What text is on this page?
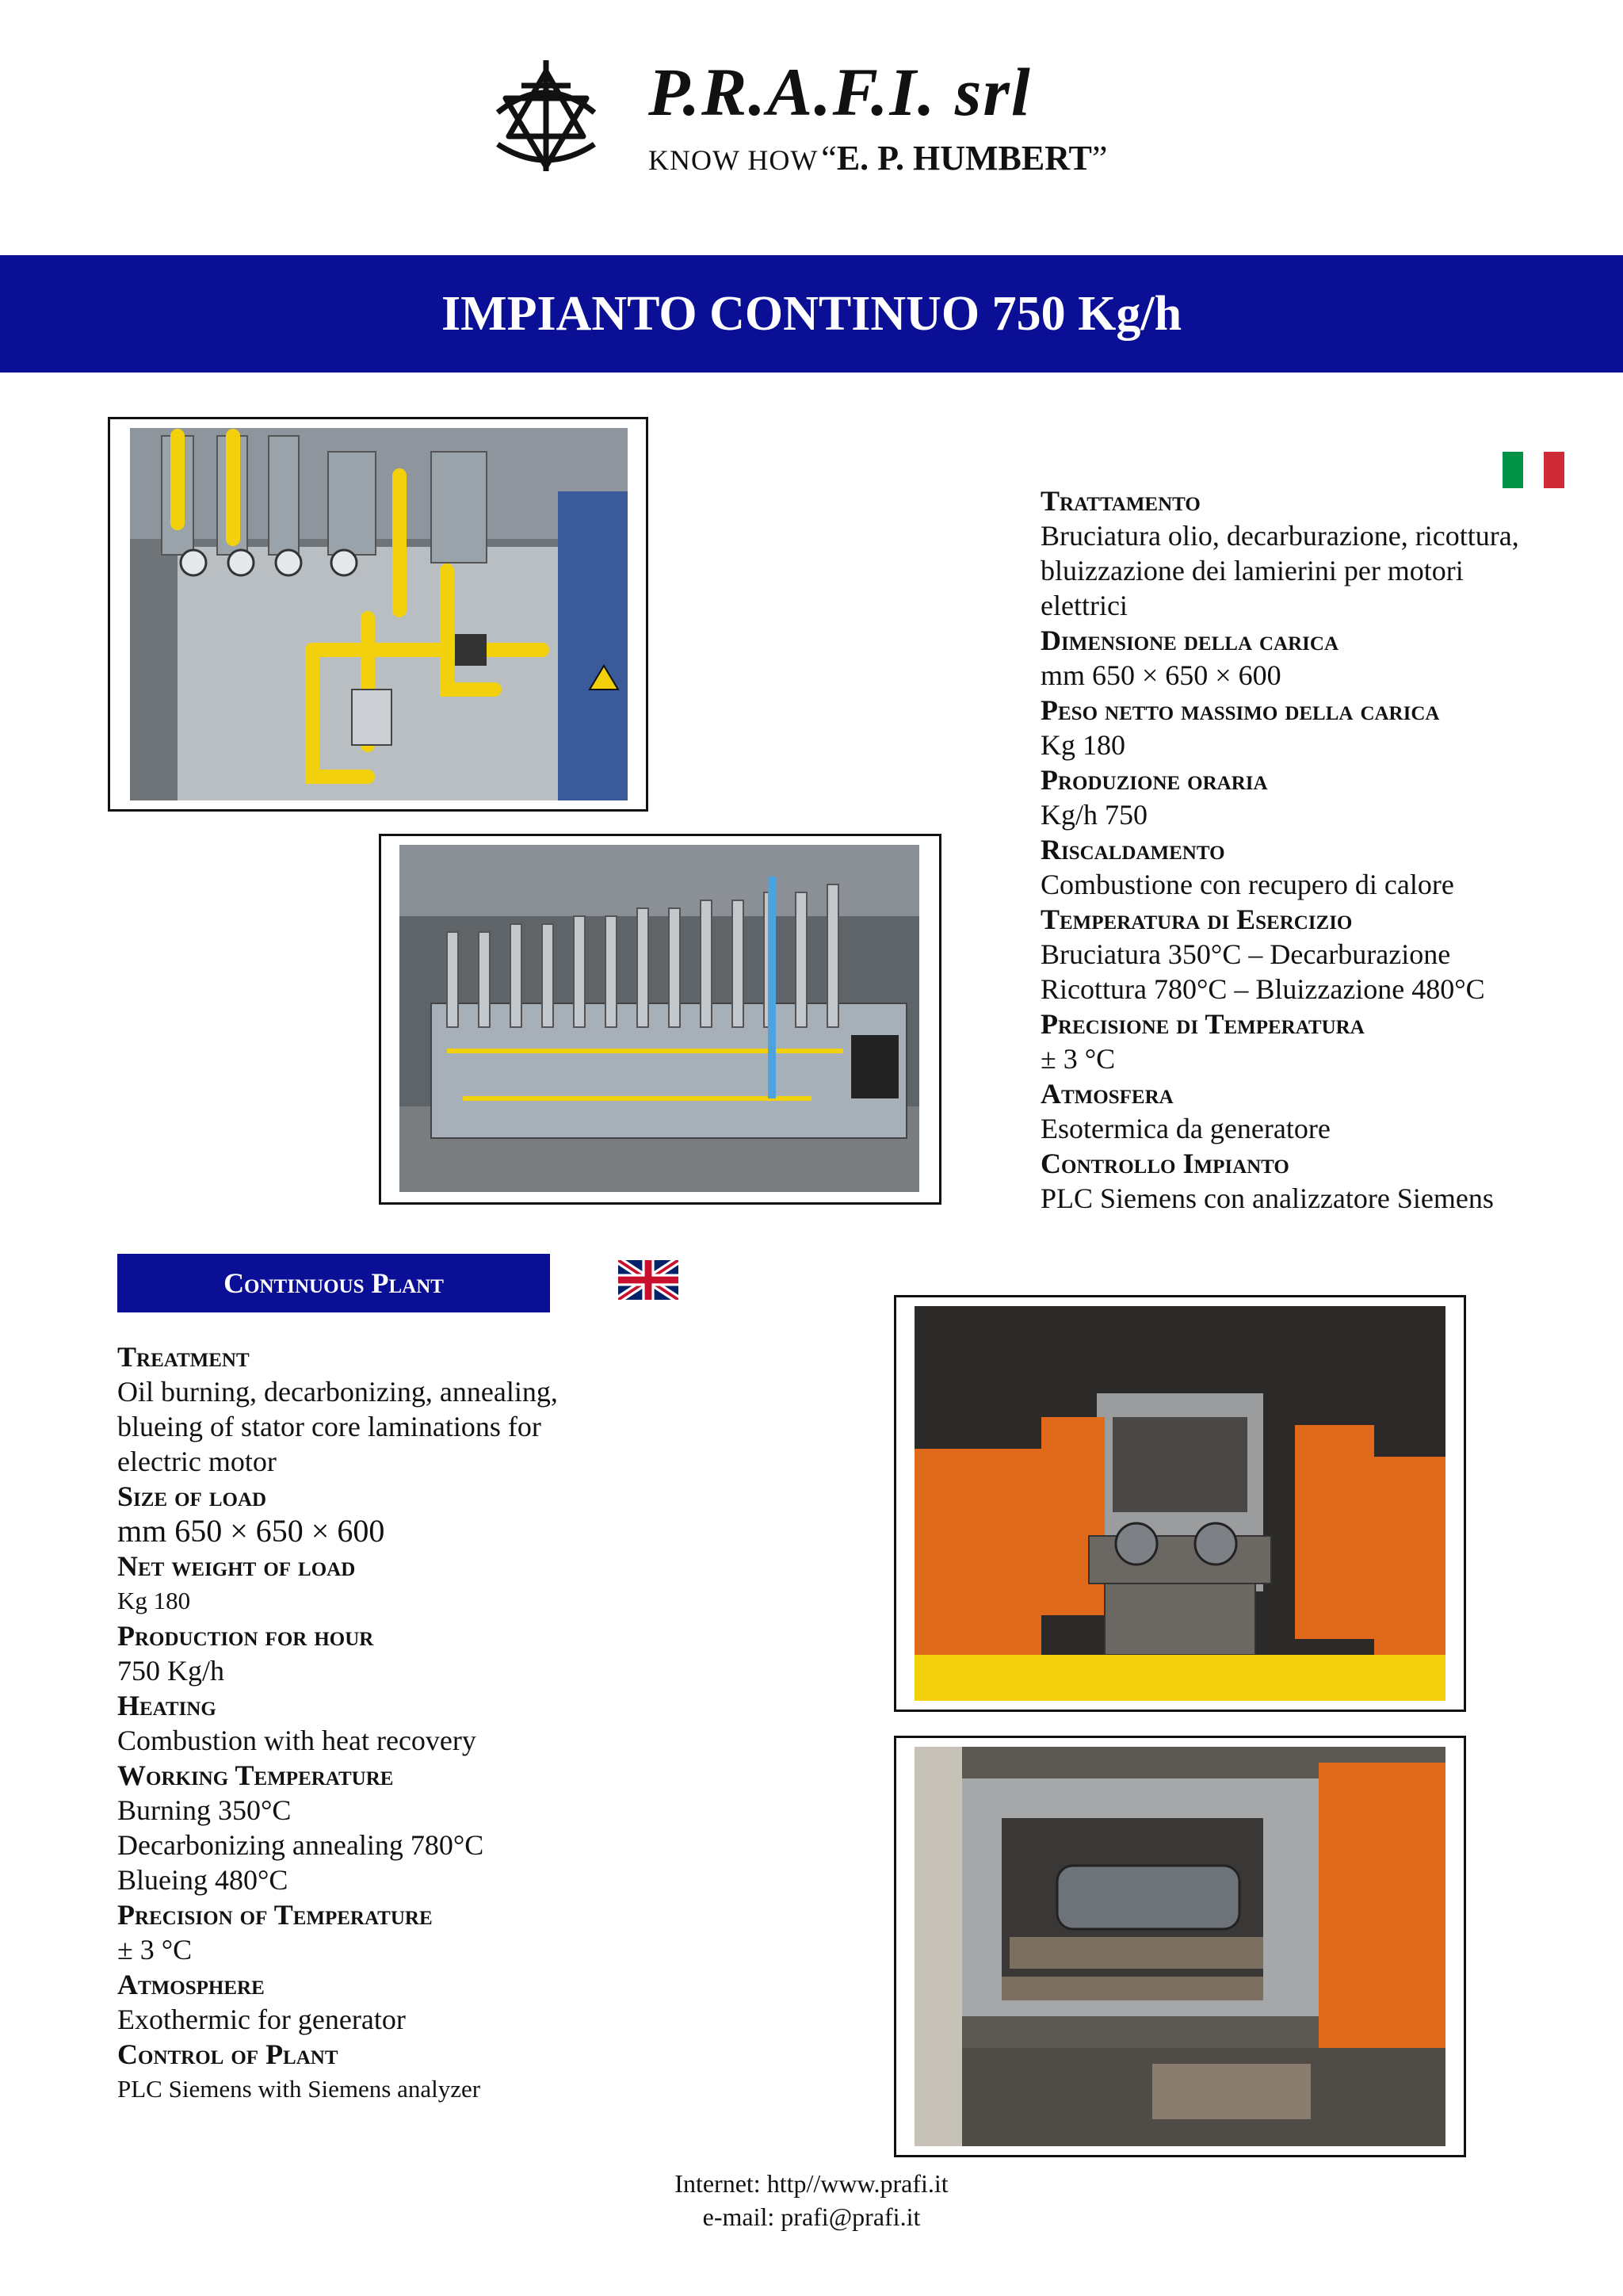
P.R.A.F.I. srl
KNOW HOW “E. P. HUMBERT”
IMPIANTO CONTINUO 750 Kg/h
Trattamento
Bruciatura olio, decarburazione, ricottura,
bluizzazione dei lamierini per motori
elettrici
Dimensione della carica
mm 650 × 650 × 600
Peso netto massimo della carica
Kg 180
Produzione oraria
Kg/h 750
Riscaldamento
Combustione con recupero di calore
Temperatura di Esercizio
Bruciatura 350°C – Decarburazione
Ricottura 780°C – Bluizzazione 480°C
Precisione di Temperatura
± 3 °C
Atmosfera
Esotermica da generatore
Controllo Impianto
PLC Siemens con analizzatore Siemens
Continuous Plant
Treatment
Oil burning, decarbonizing, annealing,
blueing of stator core laminations for
electric motor
Size of load
mm 650 × 650 × 600
Net weight of load
Kg 180
Production for hour
750 Kg/h
Heating
Combustion with heat recovery
Working Temperature
Burning 350°C
Decarbonizing annealing 780°C
Blueing 480°C
Precision of Temperature
± 3 °C
Atmosphere
Exothermic for generator
Control of Plant
PLC Siemens with Siemens analyzer
Internet: http//www.prafi.it
e-mail: prafi@prafi.it
